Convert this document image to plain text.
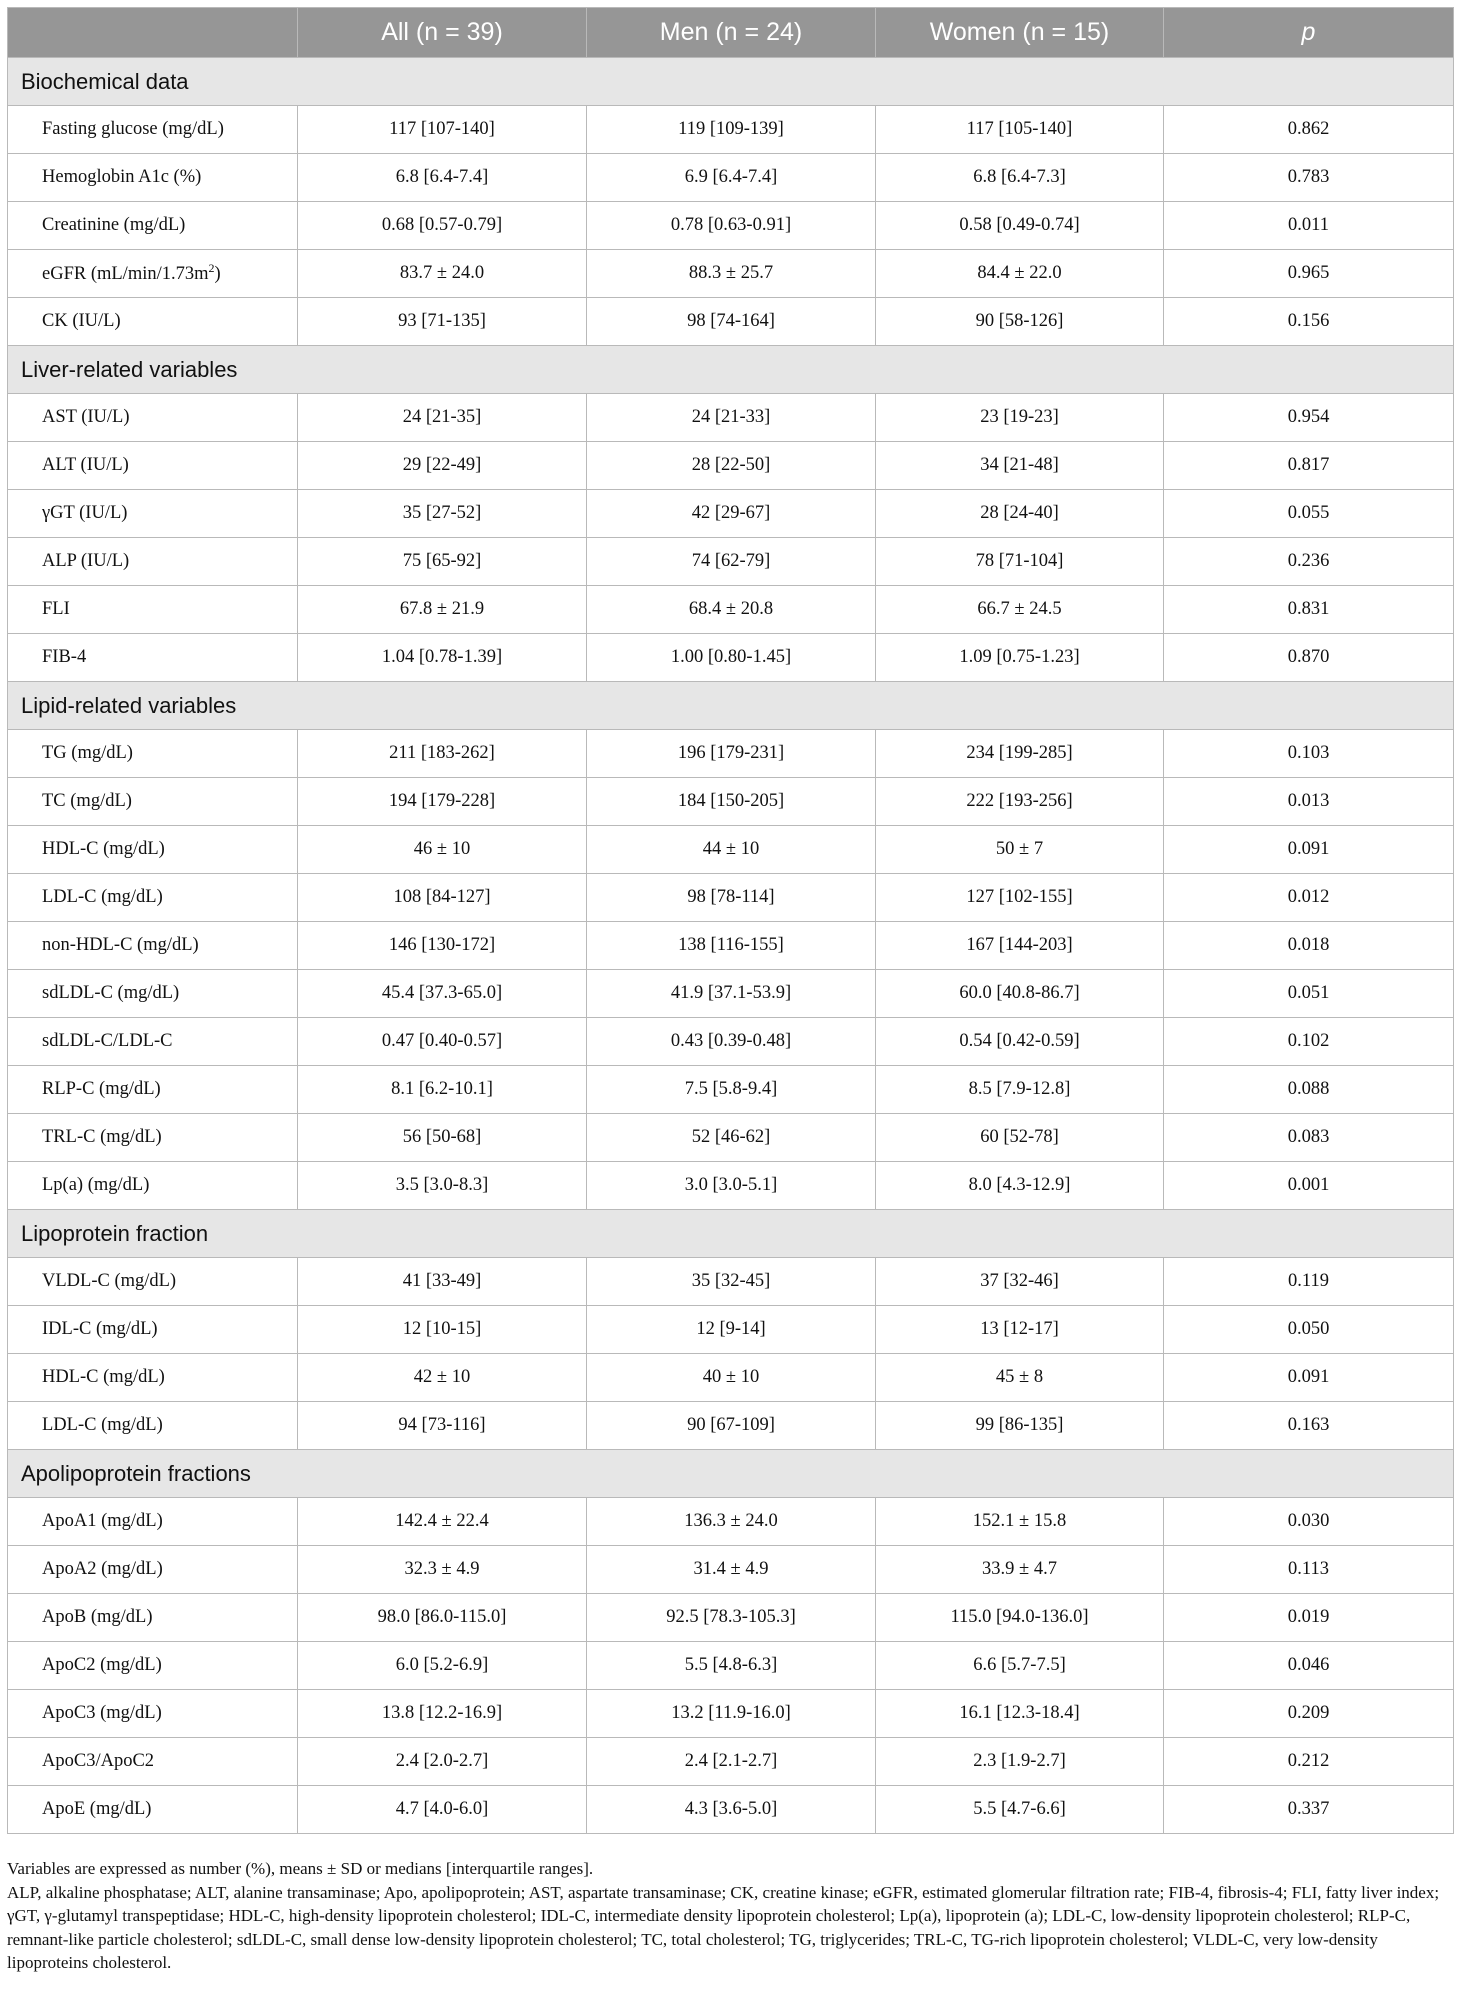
	All (n = 39)	Men (n = 24)	Women (n = 15)	p
Biochemical data				
Fasting glucose (mg/dL)	117 [107-140]	119 [109-139]	117 [105-140]	0.862
Hemoglobin A1c (%)	6.8 [6.4-7.4]	6.9 [6.4-7.4]	6.8 [6.4-7.3]	0.783
Creatinine (mg/dL)	0.68 [0.57-0.79]	0.78 [0.63-0.91]	0.58 [0.49-0.74]	0.011
eGFR $(mL/\min/1.73m^2)$	83.7 ± 24.0	88.3 ± 25.7	84.4 ± 22.0	0.965
CK (IU/L)	93 [71-135]	98 [74-164]	90 [58-126]	0.156
Liver-related variables				
AST (IU/L)	24 [21-35]	24 [21-33]	23 [19-23]	0.954
ALT (IU/L)	29 [22-49]	28 [22-50]	34 [21-48]	0.817
γGT (IU/L)	35 [27-52]	42 [29-67]	28 [24-40]	0.055
ALP (IU/L)	75 [65-92]	74 [62-79]	78 [71-104]	0.236
FLI	67.8 ± 21.9	68.4 ± 20.8	66.7 ± 24.5	0.831
FIB-4	1.04 [0.78-1.39]	1.00 [0.80-1.45]	1.09 [0.75-1.23]	0.870
Lipid-related variables				
TG (mg/dL)	211 [183-262]	196 [179-231]	234 [199-285]	0.103
TC (mg/dL)	194 [179-228]	184 [150-205]	222 [193-256]	0.013
HDL-C (mg/dL)	46 ± 10	44 ± 10	50 ± 7	0.091
LDL-C (mg/dL)	108 [84-127]	98 [78-114]	127 [102-155]	0.012
non-HDL-C (mg/dL)	146 [130-172]	138 [116-155]	167 [144-203]	0.018
sdLDL-C (mg/dL)	45.4 [37.3-65.0]	41.9 [37.1-53.9]	60.0 [40.8-86.7]	0.051
sdLDL-C/LDL-C	0.47 [0.40-0.57]	0.43 [0.39-0.48]	0.54 [0.42-0.59]	0.102
RLP-C (mg/dL)	8.1 [6.2-10.1]	7.5 [5.8-9.4]	8.5 [7.9-12.8]	0.088
TRL-C (mg/dL)	56 [50-68]	52 [46-62]	60 [52-78]	0.083
Lp(a) (mg/dL)	3.5 [3.0-8.3]	3.0 [3.0-5.1]	8.0 [4.3-12.9]	0.001
Lipoprotein fraction				
VLDL-C (mg/dL)	41 [33-49]	35 [32-45]	37 [32-46]	0.119
IDL-C (mg/dL)	12 [10-15]	12 [9-14]	13 [12-17]	0.050
HDL-C (mg/dL)	42 ± 10	40 ± 10	45 ± 8	0.091
LDL-C (mg/dL)	94 [73-116]	90 [67-109]	99 [86-135]	0.163
Apolipoprotein fractions				
ApoA1 (mg/dL)	142.4 ± 22.4	136.3 ± 24.0	152.1 ± 15.8	0.030
ApoA2 (mg/dL)	32.3 ± 4.9	31.4 ± 4.9	33.9 ± 4.7	0.113
ApoB (mg/dL)	98.0 [86.0-115.0]	92.5 [78.3-105.3]	115.0 [94.0-136.0]	0.019
ApoC2 (mg/dL)	6.0 [5.2-6.9]	5.5 [4.8-6.3]	6.6 [5.7-7.5]	0.046
ApoC3 (mg/dL)	13.8 [12.2-16.9]	13.2 [11.9-16.0]	16.1 [12.3-18.4]	0.209
ApoC3/ApoC2	2.4 [2.0-2.7]	2.4 [2.1-2.7]	2.3 [1.9-2.7]	0.212
ApoE (mg/dL)	4.7 [4.0-6.0]	4.3 [3.6-5.0]	5.5 [4.7-6.6]	0.337

Variables are expressed as number (%), means ± SD or medians [interquartile ranges].

ALP, alkaline phosphatase; ALT, alanine transaminase; Apo, apolipoprotein; AST, aspartate transaminase; CK, creatine kinase; eGFR, estimated glomerular filtration rate; FIB-4, fibrosis-4; FLI, fatty liver index; γGT, γ-glutamyl transpeptidase; HDL-C, high-density lipoprotein cholesterol; IDL-C, intermediate density lipoprotein cholesterol; Lp(a), lipoprotein (a); LDL-C, low-density lipoprotein cholesterol; RLP-C, remnant-like particle cholesterol; sdLDL-C, small dense low-density lipoprotein cholesterol; TC, total cholesterol; TG, triglycerides; TRL-C, TG-rich lipoprotein cholesterol; VLDL-C, very low-density lipoproteins cholesterol.
